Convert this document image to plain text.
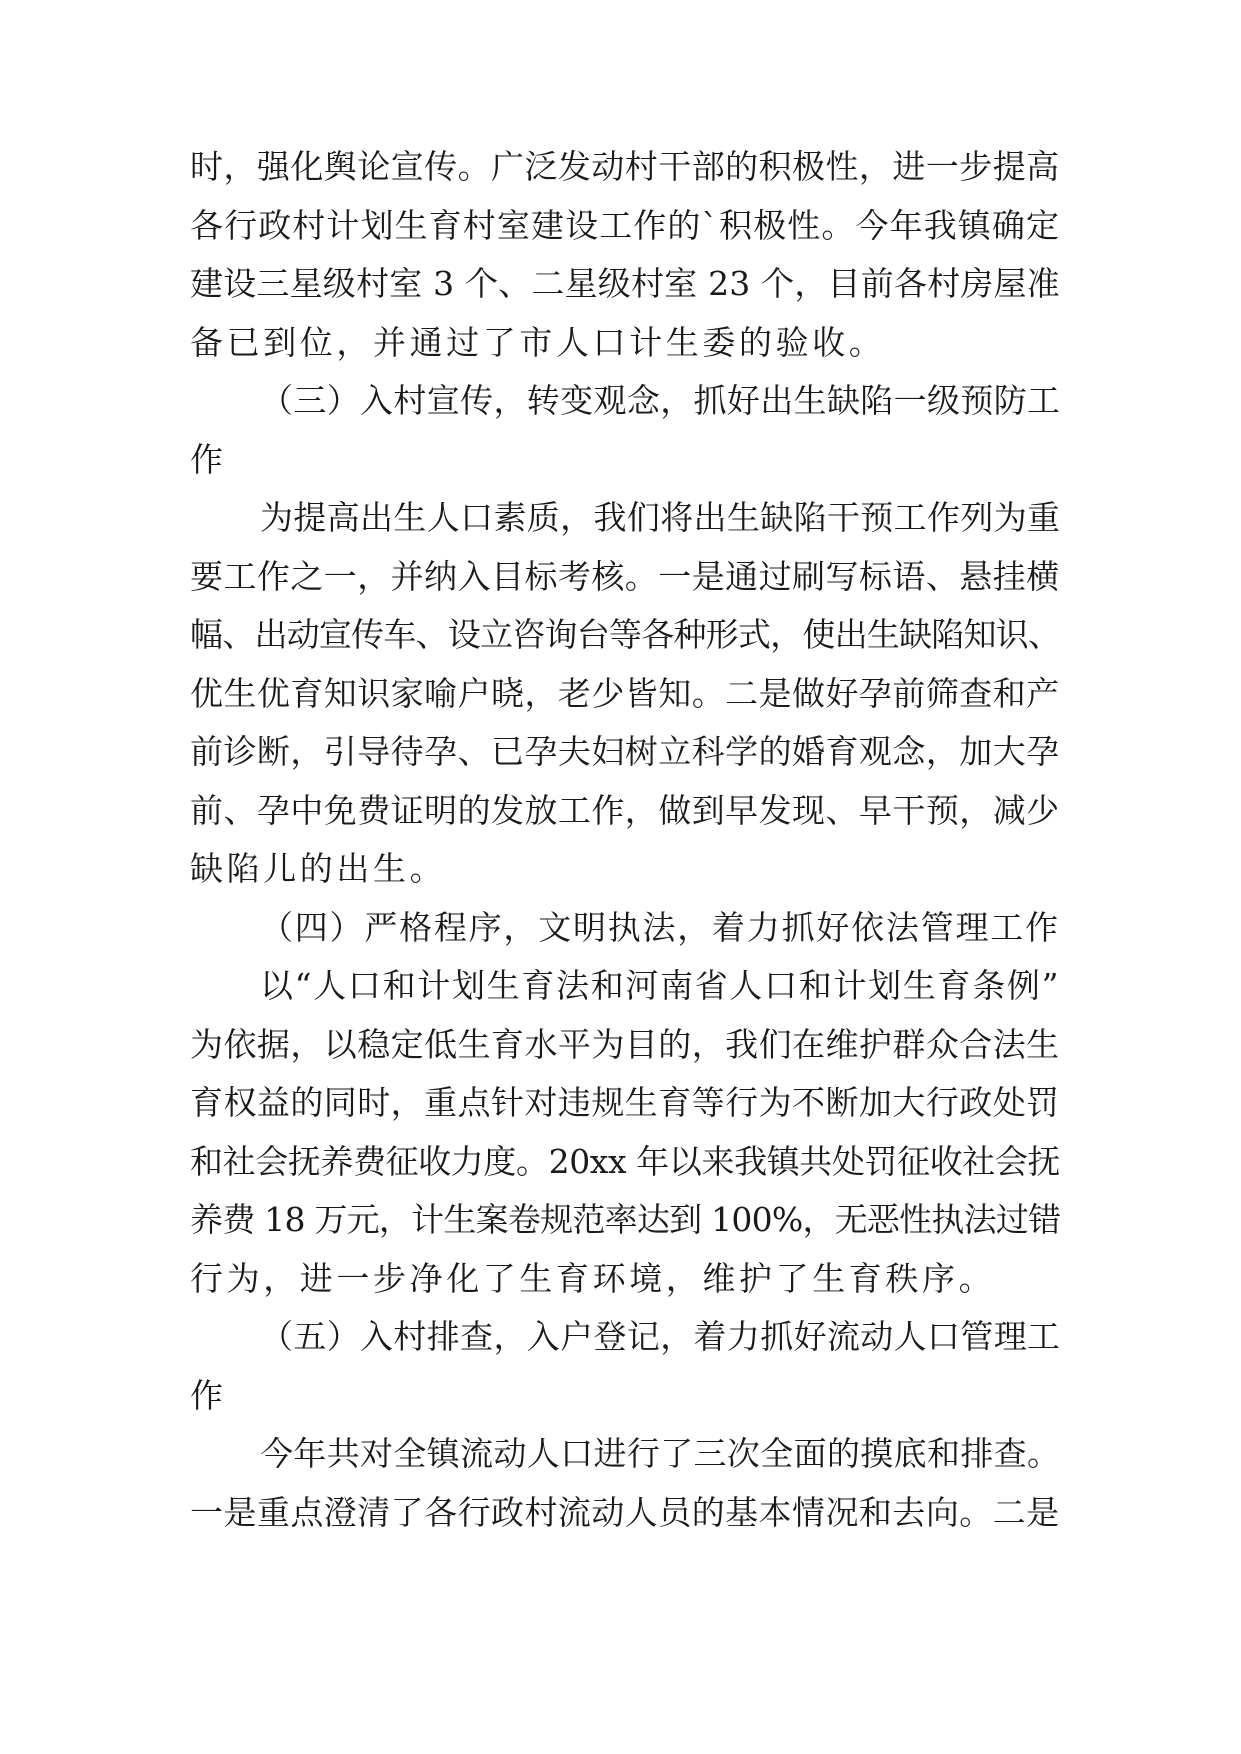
时，强化舆论宣传。广泛发动村干部的积极性，进一步提高
各行政村计划生育村室建设工作的`积极性。今年我镇确定
建设三星级村室 3 个、二星级村室 23 个，目前各村房屋准
备已到位，并通过了市人口计生委的验收。
（三）入村宣传，转变观念，抓好出生缺陷一级预防工
作
为提高出生人口素质，我们将出生缺陷干预工作列为重
要工作之一，并纳入目标考核。一是通过刷写标语、悬挂横
幅、出动宣传车、设立咨询台等各种形式，使出生缺陷知识、
优生优育知识家喻户晓，老少皆知。二是做好孕前筛查和产
前诊断，引导待孕、已孕夫妇树立科学的婚育观念，加大孕
前、孕中免费证明的发放工作，做到早发现、早干预，减少
缺陷儿的出生。
（四）严格程序，文明执法，着力抓好依法管理工作
以“人口和计划生育法和河南省人口和计划生育条例”
为依据，以稳定低生育水平为目的，我们在维护群众合法生
育权益的同时，重点针对违规生育等行为不断加大行政处罚
和社会抚养费征收力度。20xx 年以来我镇共处罚征收社会抚
养费 18 万元，计生案卷规范率达到 100%，无恶性执法过错
行为，进一步净化了生育环境，维护了生育秩序。
（五）入村排查，入户登记，着力抓好流动人口管理工
作
今年共对全镇流动人口进行了三次全面的摸底和排查。
一是重点澄清了各行政村流动人员的基本情况和去向。二是
